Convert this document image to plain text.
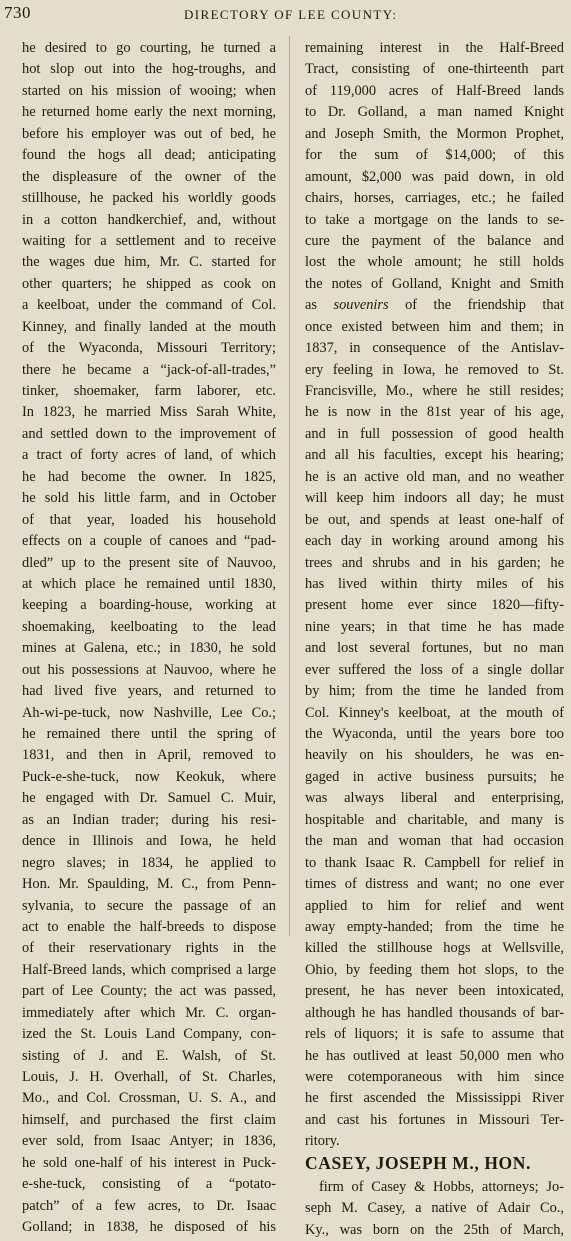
730	DIRECTORY OF LEE COUNTY:
he desired to go courting, he turned a
hot slop out into the hog-troughs, and
started on his mission of wooing; when
he returned home early the next morning,
before his employer was out of bed, he
found the hogs all dead; anticipating
the displeasure of the owner of the
stillhouse, he packed his worldly goods
in a cotton handkerchief, and, without
waiting for a settlement and to receive
the wages due him, Mr. C. started for
other quarters; he shipped as cook on
a keelboat, under the command of Col.
Kinney, and finally landed at the mouth
of the Wyaconda, Missouri Territory;
there he became a “jack-of-all-trades,”
tinker, shoemaker, farm laborer, etc.
In 1823, he married Miss Sarah White,
and settled down to the improvement of
a tract of forty acres of land, of which
he had become the owner. In 1825,
he sold his little farm, and in October
of that year, loaded his household
effects on a couple of canoes and “pad-
dled” up to the present site of Nauvoo,
at which place he remained until 1830,
keeping a boarding-house, working at
shoemaking, keelboating to the lead
mines at Galena, etc.; in 1830, he sold
out his possessions at Nauvoo, where he
had lived five years, and returned to
Ah-wi-pe-tuck, now Nashville, Lee Co.;
he remained there until the spring of
1831, and then in April, removed to
Puck-e-she-tuck, now Keokuk, where
he engaged with Dr. Samuel C. Muir,
as an Indian trader; during his resi-
dence in Illinois and Iowa, he held
negro slaves; in 1834, he applied to
Hon. Mr. Spaulding, M. C., from Penn-
sylvania, to secure the passage of an
act to enable the half-breeds to dispose
of their reservationary rights in the
Half-Breed lands, which comprised a large
part of Lee County; the act was passed,
immediately after which Mr. C. organ-
ized the St. Louis Land Company, con-
sisting of J. and E. Walsh, of St.
Louis, J. H. Overhall, of St. Charles,
Mo., and Col. Crossman, U. S. A., and
himself, and purchased the first claim
ever sold, from Isaac Antyer; in 1836,
he sold one-half of his interest in Puck-
e-she-tuck, consisting of a “potato-
patch” of a few acres, to Dr. Isaac
Golland; in 1838, he disposed of his
remaining interest in the Half-Breed
Tract, consisting of one-thirteenth part
of 119,000 acres of Half-Breed lands
to Dr. Golland, a man named Knight
and Joseph Smith, the Mormon Prophet,
for the sum of $14,000; of this
amount, $2,000 was paid down, in old
chairs, horses, carriages, etc.; he failed
to take a mortgage on the lands to se-
cure the payment of the balance and
lost the whole amount; he still holds
the notes of Golland, Knight and Smith
as souvenirs of the friendship that
once existed between him and them; in
1837, in consequence of the Antislav-
ery feeling in Iowa, he removed to St.
Francisville, Mo., where he still resides;
he is now in the 81st year of his age,
and in full possession of good health
and all his faculties, except his hearing;
he is an active old man, and no weather
will keep him indoors all day; he must
be out, and spends at least one-half of
each day in working around among his
trees and shrubs and in his garden; he
has lived within thirty miles of his
present home ever since 1820—fifty-
nine years; in that time he has made
and lost several fortunes, but no man
ever suffered the loss of a single dollar
by him; from the time he landed from
Col. Kinney's keelboat, at the mouth of
the Wyaconda, until the years bore too
heavily on his shoulders, he was en-
gaged in active business pursuits; he
was always liberal and enterprising,
hospitable and charitable, and many is
the man and woman that had occasion
to thank Isaac R. Campbell for relief in
times of distress and want; no one ever
applied to him for relief and went
away empty-handed; from the time he
killed the stillhouse hogs at Wellsville,
Ohio, by feeding them hot slops, to the
present, he has never been intoxicated,
although he has handled thousands of bar-
rels of liquors; it is safe to assume that
he has outlived at least 50,000 men who
were cotemporaneous with him since
he first ascended the Mississippi River
and cast his fortunes in Missouri Ter-
ritory.
CASEY, JOSEPH M., HON.
firm of Casey & Hobbs, attorneys; Jo-
seph M. Casey, a native of Adair Co.,
Ky., was born on the 25th of March,
